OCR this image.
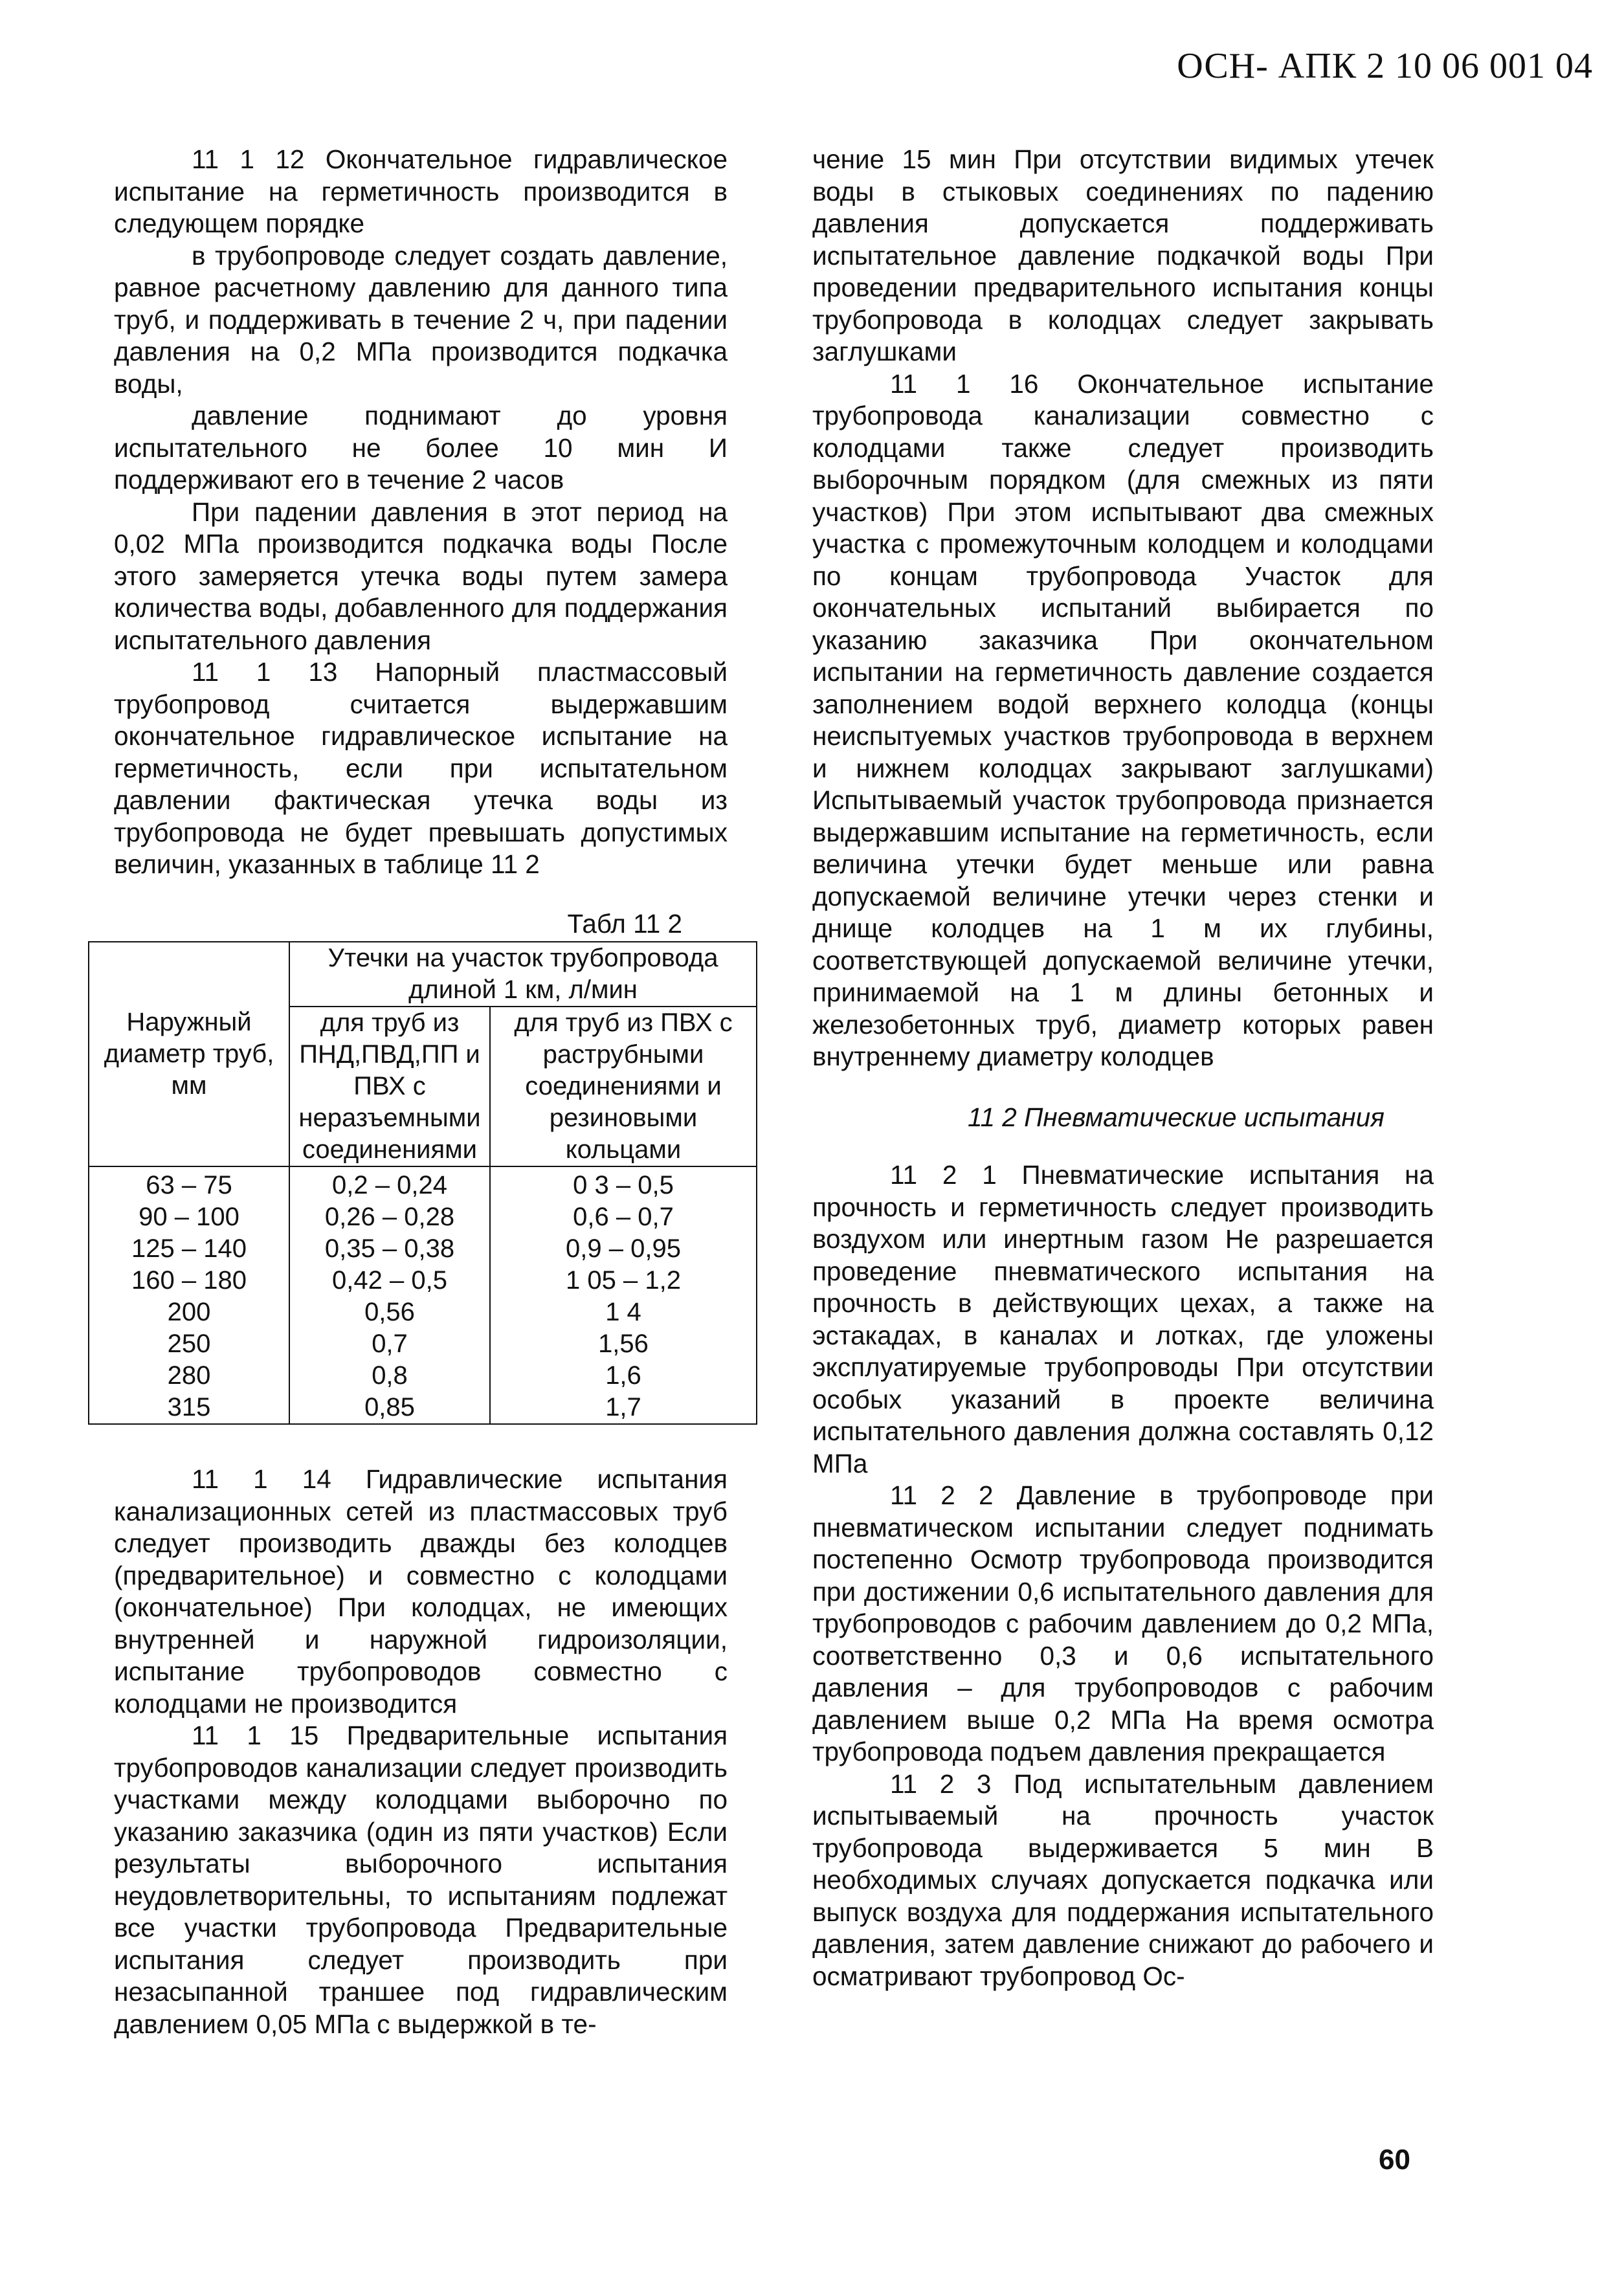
ОСН- АПК 2 10 06 001 04

11 1 12 Окончательное гидравлическое испытание на герметичность производится в следующем порядке

в трубопроводе следует создать давление, равное расчетному давлению для данного типа труб, и поддерживать в течение 2 ч, при падении давления на 0,2 МПа производится подкачка воды,

давление поднимают до уровня испытательного не более 10 мин И поддерживают его в течение 2 часов

При падении давления в этот период на 0,02 МПа производится подкачка воды После этого замеряется утечка воды путем замера количества воды, добавленного для поддержания испытательного давления

11 1 13 Напорный пластмассовый трубопровод считается выдержавшим окончательное гидравлическое испытание на герметичность, если при испытательном давлении фактическая утечка воды из трубопровода не будет превышать допустимых величин, указанных в таблице 11 2

Табл 11 2
Наружный диаметр труб, мм	Утечки на участок трубопровода длиной 1 км, л/мин	
	для труб из ПНД,ПВД,ПП и ПВХ с неразъемными соединениями	для труб из ПВХ с раструбными соединениями и резиновыми кольцами
63 – 75	0,2 – 0,24	0 3 – 0,5
90 – 100	0,26 – 0,28	0,6 – 0,7
125 – 140	0,35 – 0,38	0,9 – 0,95
160 – 180	0,42 – 0,5	1 05 – 1,2
200	0,56	1 4
250	0,7	1,56
280	0,8	1,6
315	0,85	1,7

11 1 14 Гидравлические испытания канализационных сетей из пластмассовых труб следует производить дважды без колодцев (предварительное) и совместно с колодцами (окончательное) При колодцах, не имеющих внутренней и наружной гидроизоляции, испытание трубопроводов совместно с колодцами не производится

11 1 15 Предварительные испытания трубопроводов канализации следует производить участками между колодцами выборочно по указанию заказчика (один из пяти участков) Если результаты выборочного испытания неудовлетворительны, то испытаниям подлежат все участки трубопровода Предварительные испытания следует производить при незасыпанной траншее под гидравлическим давлением 0,05 МПа с выдержкой в те-

чение 15 мин При отсутствии видимых утечек воды в стыковых соединениях по падению давления допускается поддерживать испытательное давление подкачкой воды При проведении предварительного испытания концы трубопровода в колодцах следует закрывать заглушками

11 1 16 Окончательное испытание трубопровода канализации совместно с колодцами также следует производить выборочным порядком (для смежных из пяти участков) При этом испытывают два смежных участка с промежуточным колодцем и колодцами по концам трубопровода Участок для окончательных испытаний выбирается по указанию заказчика При окончательном испытании на герметичность давление создается заполнением водой верхнего колодца (концы неиспытуемых участков трубопровода в верхнем и нижнем колодцах закрывают заглушками) Испытываемый участок трубопровода признается выдержавшим испытание на герметичность, если величина утечки будет меньше или равна допускаемой величине утечки через стенки и днище колодцев на 1 м их глубины, соответствующей допускаемой величине утечки, принимаемой на 1 м длины бетонных и железобетонных труб, диаметр которых равен внутреннему диаметру колодцев

11 2 Пневматические испытания

11 2 1 Пневматические испытания на прочность и герметичность следует производить воздухом или инертным газом Не разрешается проведение пневматического испытания на прочность в действующих цехах, а также на эстакадах, в каналах и лотках, где уложены эксплуатируемые трубопроводы При отсутствии особых указаний в проекте величина испытательного давления должна составлять 0,12 МПа

11 2 2 Давление в трубопроводе при пневматическом испытании следует поднимать постепенно Осмотр трубопровода производится при достижении 0,6 испытательного давления для трубопроводов с рабочим давлением до 0,2 МПа, соответственно 0,3 и 0,6 испытательного давления – для трубопроводов с рабочим давлением выше 0,2 МПа На время осмотра трубопровода подъем давления прекращается

11 2 3 Под испытательным давлением испытываемый на прочность участок трубопровода выдерживается 5 мин В необходимых случаях допускается подкачка или выпуск воздуха для поддержания испытательного давления, затем давление снижают до рабочего и осматривают трубопровод Ос-

60
